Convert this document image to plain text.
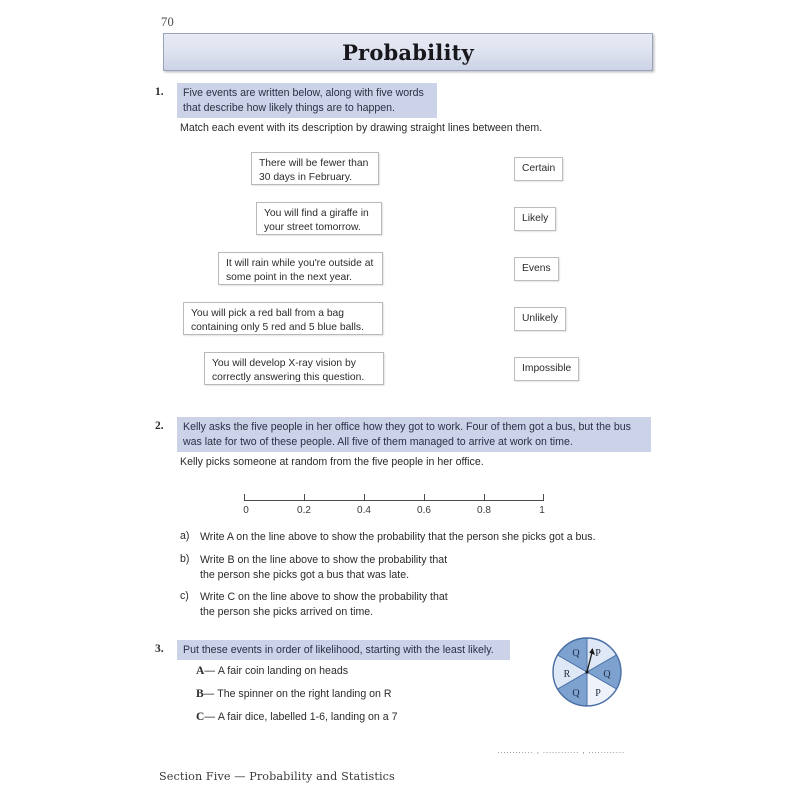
70
Probability
1.	Five events are written below, along with five words that describe how likely things are to happen.
Match each event with its description by drawing straight lines between them.
There will be fewer than 30 days in February.
You will find a giraffe in your street tomorrow.
It will rain while you're outside at some point in the next year.
You will pick a red ball from a bag containing only 5 red and 5 blue balls.
You will develop X-ray vision by correctly answering this question.
Certain
Likely
Evens
Unlikely
Impossible
2.	Kelly asks the five people in her office how they got to work. Four of them got a bus, but the bus was late for two of these people. All five of them managed to arrive at work on time.
Kelly picks someone at random from the five people in her office.
0	0.2	0.4	0.6	0.8	1
a) Write A on the line above to show the probability that the person she picks got a bus.
b) Write B on the line above to show the probability that the person she picks got a bus that was late.
c) Write C on the line above to show the probability that the person she picks arrived on time.
3.	Put these events in order of likelihood, starting with the least likely.
A— A fair coin landing on heads
B— The spinner on the right landing on R
C— A fair dice, labelled 1-6, landing on a 7
P
Q
P
Q
R
Q
............ , ............ , ............
Section Five — Probability and Statistics
